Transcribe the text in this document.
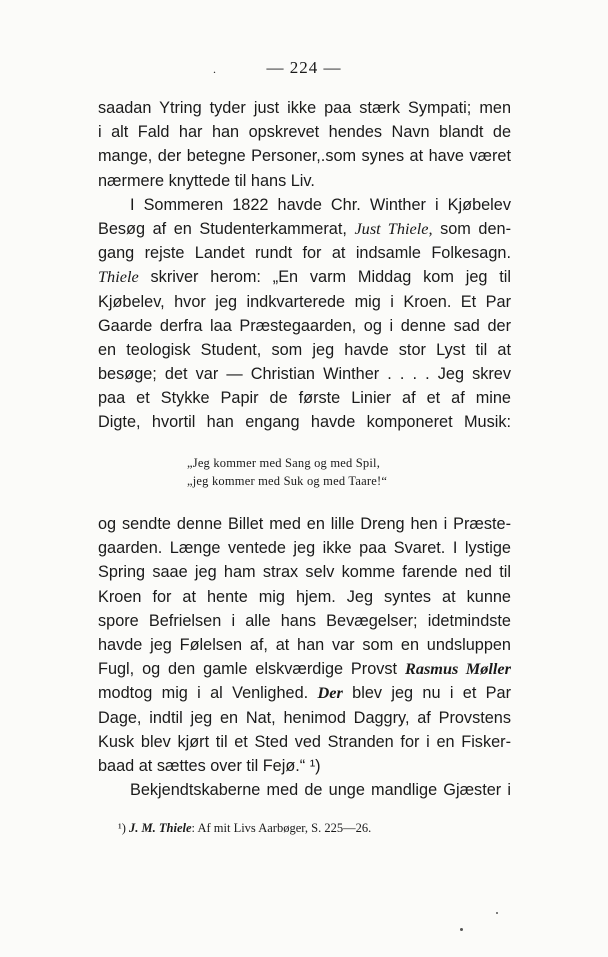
.	— 224 —
saadan Ytring tyder just ikke paa stærk Sympati; men
i alt Fald har han opskrevet hendes Navn blandt de
mange, der betegne Personer,.som synes at have været
nærmere knyttede til hans Liv.
I Sommeren 1822 havde Chr. Winther i Kjøbelev
Besøg af en Studenterkammerat, Just Thiele, som den-
gang rejste Landet rundt for at indsamle Folkesagn.
Thiele skriver herom: „En varm Middag kom jeg til
Kjøbelev, hvor jeg indkvarterede mig i Kroen. Et Par
Gaarde derfra laa Præstegaarden, og i denne sad der
en teologisk Student, som jeg havde stor Lyst til at
besøge; det var — Christian Winther . . . . Jeg skrev
paa et Stykke Papir de første Linier af et af mine
Digte, hvortil han engang havde komponeret Musik:
„Jeg kommer med Sang og med Spil,
„jeg kommer med Suk og med Taare!“
og sendte denne Billet med en lille Dreng hen i Præste-
gaarden. Længe ventede jeg ikke paa Svaret. I lystige
Spring saae jeg ham strax selv komme farende ned til
Kroen for at hente mig hjem. Jeg syntes at kunne
spore Befrielsen i alle hans Bevægelser; idetmindste
havde jeg Følelsen af, at han var som en undsluppen
Fugl, og den gamle elskværdige Provst Rasmus Møller
modtog mig i al Venlighed. Der blev jeg nu i et Par
Dage, indtil jeg en Nat, henimod Daggry, af Provstens
Kusk blev kjørt til et Sted ved Stranden for i en Fisker-
baad at sættes over til Fejø.“ ¹)
Bekjendtskaberne med de unge mandlige Gjæster i
¹) J. M. Thiele: Af mit Livs Aarbøger, S. 225—26.
